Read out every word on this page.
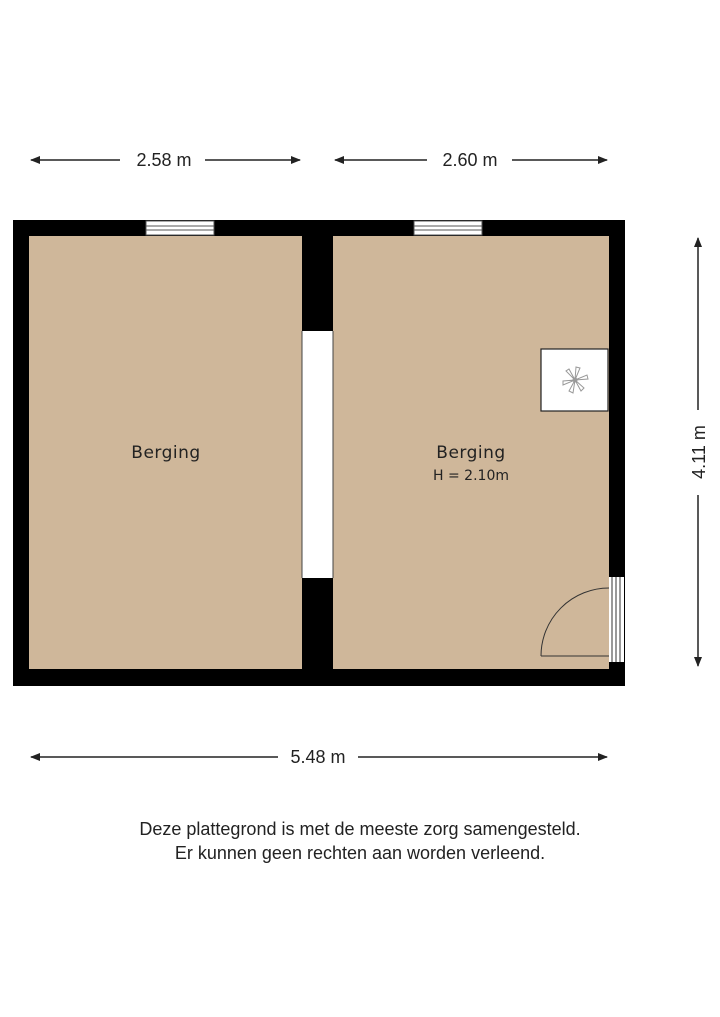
Berging	Berging
H = 2.10m
2.58 m	2.60 m
5.48 m
4.11 m
Deze plattegrond is met de meeste zorg samengesteld.
Er kunnen geen rechten aan worden verleend.
